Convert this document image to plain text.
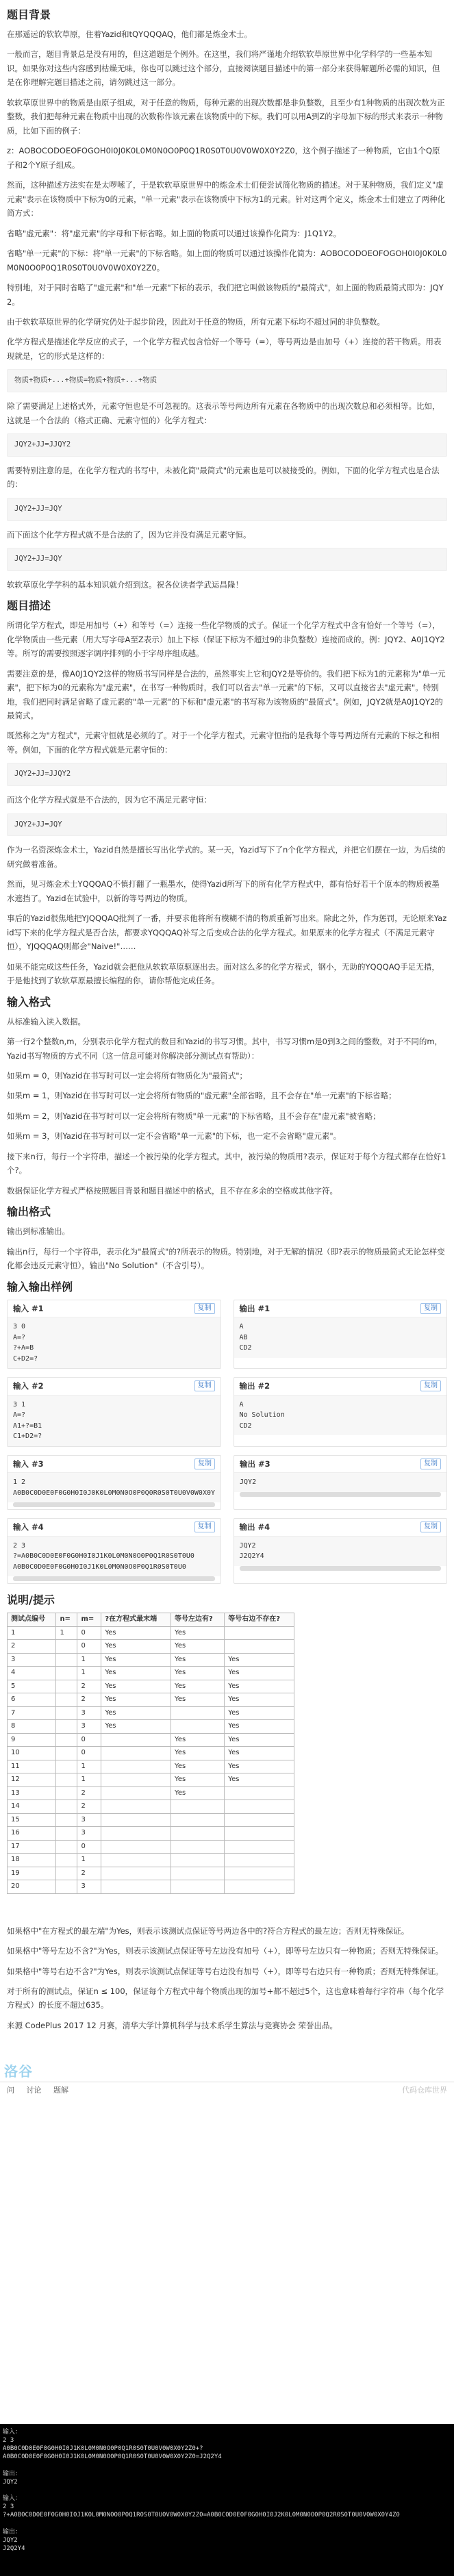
题目背景

在那遥远的软软草原，住着Yazid和tQYQQQAQ，他们都是炼金术士。

一般而言，题目背景总是没有用的，但这道题是个例外。在这里，我们将严谨地介绍软软草原世界中化学科学的一些基本知识。如果你对这些内容感到枯燥无味，你也可以跳过这个部分，直接阅读题目描述中的第一部分来获得解题所必需的知识，但是在你理解完题目描述之前，请勿跳过这一部分。

软软草原世界中的物质是由原子组成，对于任意的物质，每种元素的出现次数都是非负整数，且至少有1种物质的出现次数为正整数，我们把每种元素在物质中出现的次数称作该元素在该物质中的下标。我们可以用A到Z的字母加下标的形式来表示一种物质，比如下面的例子：

z：AOBOCODOEOFOGOH0I0J0K0L0M0N0O0P0Q1R0S0T0U0V0W0X0Y2Z0，这个例子描述了一种物质，它由1个Q原子和2个Y原子组成。

然而，这种描述方法实在是太啰嗦了，于是软软草原世界中的炼金术士们便尝试简化物质的描述。对于某种物质，我们定义"虚元素"表示在该物质中下标为0的元素，"单一元素"表示在该物质中下标为1的元素。针对这两个定义，炼金术士们建立了两种化简方式：

省略"虚元素"：将"虚元素"的字母和下标省略。如上面的物质可以通过该操作化简为：J1Q1Y2。

省略"单一元素"的下标：将"单一元素"的下标省略。如上面的物质可以通过该操作化简为：AOBOCODOEOFOGOH0I0J0K0L0M0N0O0P0Q1R0S0T0U0V0W0X0Y2Z0。

特别地，对于同时省略了"虚元素"和"单一元素"下标的表示，我们把它叫做该物质的"最简式"，如上面的物质最简式即为：JQY2。

由于软软草原世界的化学研究仍处于起步阶段，因此对于任意的物质，所有元素下标均不超过同的非负整数。

化学方程式是描述化学反应的式子，一个化学方程式包含恰好一个等号（=），等号两边是由加号（+）连接的若干物质。用表现就是，它的形式是这样的：

物质+物质+...+物质=物质+物质+...+物质

除了需要满足上述格式外，元素守恒也是不可忽视的。这表示等号两边所有元素在各物质中的出现次数总和必须相等。比如，这就是一个合法的（格式正确、元素守恒的）化学方程式：

JQY2+JJ=JJQY2

需要特别注意的是，在化学方程式的书写中，未被化简"最简式"的元素也是可以被接受的。例如，下面的化学方程式也是合法的：

JQY2+JJ=JQY

而下面这个化学方程式就不是合法的了，因为它并没有满足元素守恒。

JQY2+JJ=JQY

软软草原化学学科的基本知识就介绍到这。祝各位读者学武运昌隆！

题目描述

所谓化学方程式，即是用加号（+）和等号（=）连接一些化学物质的式子。保证一个化学方程式中含有恰好一个等号（=），化学物质由一些元素（用大写字母A至Z表示）加上下标（保证下标为不超过9的非负整数）连接而成的。例：JQY2、A0J1QY2等。所写的需要按照逐字调序排列的小于字母序组成越。

需要注意的是，像A0J1QY2这样的物质书写同样是合法的，虽然事实上它和JQY2是等价的。我们把下标为1的元素称为"单一元素"，把下标为0的元素称为"虚元素"，在书写一种物质时，我们可以省去"单一元素"的下标，又可以直接省去"虚元素"。特别地，我们把同时满足省略了虚元素的"单一元素"的下标和"虚元素"的书写称为该物质的"最简式"。例如，JQY2就是A0J1QY2的最简式。

既然称之为"方程式"，元素守恒就是必须的了。对于一个化学方程式，元素守恒指的是我每个等号两边所有元素的下标之和相等。例如，下面的化学方程式就是元素守恒的：

JQY2+JJ=JJQY2

而这个化学方程式就是不合法的，因为它不满足元素守恒：

JQY2+JJ=JQY

作为一名资深炼金术士，Yazid自然是擅长写出化学式的。某一天，Yazid写下了n个化学方程式，并把它们摆在一边，为后续的研究做着准备。

然而，见习炼金术士YQQQAQ不慎打翻了一瓶墨水，使得Yazid所写下的所有化学方程式中，都有恰好若干个原本的物质被墨水遮挡了。Yazid在试验中，以新的等号两边的物质。

事后的Yazid很焦地把YJQQQAQ批判了一番，并要求他将所有模糊不清的物质重新写出来。除此之外，作为惩罚，无论原来Yazid写下来的化学方程式是否合法，都要求YQQQAQ补写之后变成合法的化学方程式。如果原来的化学方程式（不满足元素守恒），YJQQQAQ则都会"Naive!"……

如果不能完成这些任务，Yazid就会把他从软软草原驱逐出去。面对这么多的化学方程式，钢小，无助的YQQQAQ手足无措，于是他找到了软软草原最擅长编程的你，请你帮他完成任务。

输入格式

从标准输入读入数据。

第一行2个整数n,m，分别表示化学方程式的数目和Yazid的书写习惯。其中，书写习惯m是0到3之间的整数，对于不同的m，Yazid书写物质的方式不同（这一信息可能对你解决部分测试点有帮助）：

如果m = 0，则Yazid在书写时可以一定会将所有物质化为"最简式"；

如果m = 1，则Yazid在书写时可以一定会将所有物质的"虚元素"全部省略，且不会存在"单一元素"的下标省略；

如果m = 2，则Yazid在书写时可以一定会将所有物质"单一元素"的下标省略，且不会存在"虚元素"被省略；

如果m = 3，则Yazid在书写时可以一定不会省略"单一元素"的下标，也一定不会省略"虚元素"。

接下来n行，每行一个字符串，描述一个被污染的化学方程式。其中，被污染的物质用?表示，保证对于每个方程式都存在恰好1个?。

数据保证化学方程式严格按照题目背景和题目描述中的格式，且不存在多余的空格或其他字符。

输出格式

输出到标准输出。

输出n行，每行一个字符串，表示化为"最简式"的?所表示的物质。特别地，对于无解的情况（即?表示的物质最简式无论怎样变化都会违反元素守恒），输出"No Solution"（不含引号）。

输入输出样例
输入 #1	复制
3 0
A=?
?+A=B
C+D2=?
输出 #1	复制
A
AB
CD2
输入 #2	复制
3 1
A=?
A1+?=B1
C1+D2=?
输出 #2	复制
A
No Solution
CD2
输入 #3	复制
1 2
A0B0C0D0E0F0G0H0I0J0K0L0M0N0O0P0Q0R0S0T0U0V0W0X0Y
输出 #3	复制
JQY2
输入 #4	复制
2 3
?=A0B0C0D0E0F0G0H0I0J1K0L0M0N0O0P0Q1R0S0T0U0
A0B0C0D0E0F0G0H0I0J1K0L0M0N0O0P0Q1R0S0T0U0
输出 #4	复制
JQY2
J2Q2Y4
说明/提示
测试点编号	n=	m=	?在方程式最末端	等号左边有?	等号右边不存在?
1	1	0	Yes	Yes	
2		0	Yes	Yes	
3		1	Yes	Yes	Yes
4		1	Yes	Yes	Yes
5		2	Yes	Yes	Yes
6		2	Yes	Yes	Yes
7		3	Yes		Yes
8		3	Yes		Yes
9		0		Yes	Yes
10		0		Yes	Yes
11		1		Yes	Yes
12		1		Yes	Yes
13		2		Yes	
14		2			
15		3			
16		3			
17		0			
18		1			
19		2			
20		3			

如果格中"在方程式的最左端"为Yes，则表示该测试点保证等号两边各中的?符合方程式的最左边；否则无特殊保证。

如果格中"等号左边不含?"为Yes，则表示该测试点保证等号左边没有加号（+），即等号左边只有一种物质；否则无特殊保证。

如果格中"等号右边不含?"为Yes，则表示该测试点保证等号右边没有加号（+），即等号右边只有一种物质；否则无特殊保证。

对于所有的测试点，保证n ≤ 100，保证每个方程式中每个物质出现的加号+都不超过5个，这也意味着每行字符串（每个化学方程式）的长度不超过635。

来源 CodePlus 2017 12 月赛，清华大学计算机科学与技术系学生算法与竞赛协会 荣誉出品。

问 讨论 题解	代码仓库世界
洛谷
输入：
2 3
A0B0C0D0E0F0G0H0I0J1K0L0M0N0O0P0Q1R0S0T0U0V0W0X0Y2Z0+?
A0B0C0D0E0F0G0H0I0J1K0L0M0N0O0P0Q1R0S0T0U0V0W0X0Y2Z0=J2Q2Y4

输出：
JQY2

输入：
2 3
?+A0B0C0D0E0F0G0H0I0J1K0L0M0N0O0P0Q1R0S0T0U0V0W0X0Y2Z0=A0B0C0D0E0F0G0H0I0J2K0L0M0N0O0P0Q2R0S0T0U0V0W0X0Y4Z0

输出：
JQY2
J2Q2Y4
